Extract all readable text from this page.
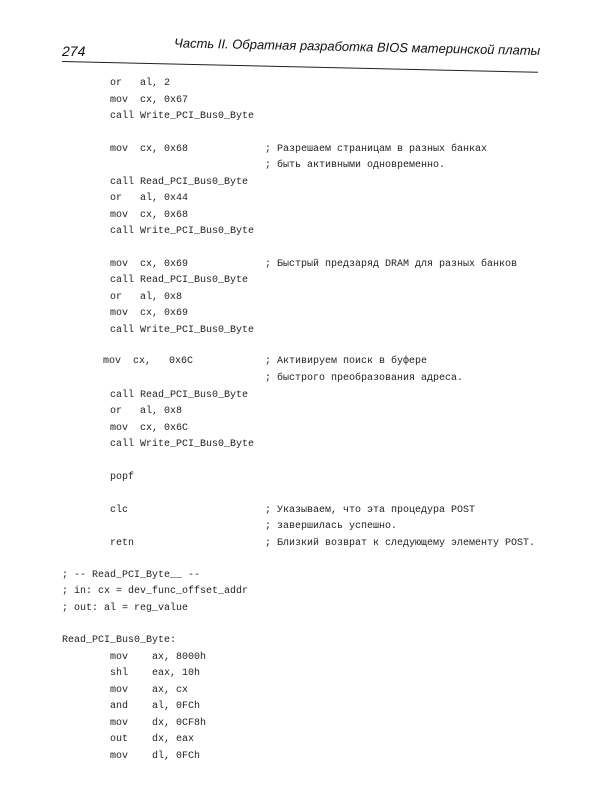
274	Часть II. Обратная разработка BIOS материнской платы
or   al, 2
mov  cx, 0x67
call Write_PCI_Bus0_Byte
mov  cx, 0x68	; Разрешаем страницам в разных банках
; быть активными одновременно.
call Read_PCI_Bus0_Byte
or   al, 0x44
mov  cx, 0x68
call Write_PCI_Bus0_Byte
mov  cx, 0x69	; Быстрый предзаряд DRAM для разных банков
call Read_PCI_Bus0_Byte
or   al, 0x8
mov  cx, 0x69
call Write_PCI_Bus0_Byte
mov  cx,   0x6C	; Активируем поиск в буфере
; быстрого преобразования адреса.
call Read_PCI_Bus0_Byte
or   al, 0x8
mov  cx, 0x6C
call Write_PCI_Bus0_Byte
popf
clc	; Указываем, что эта процедура POST
; завершилась успешно.
retn	; Близкий возврат к следующему элементу POST.
; -- Read_PCI_Byte__ --
; in: cx = dev_func_offset_addr
; out: al = reg_value
Read_PCI_Bus0_Byte:
mov    ax, 8000h
shl    eax, 10h
mov    ax, cx
and    al, 0FCh
mov    dx, 0CF8h
out    dx, eax
mov    dl, 0FCh
